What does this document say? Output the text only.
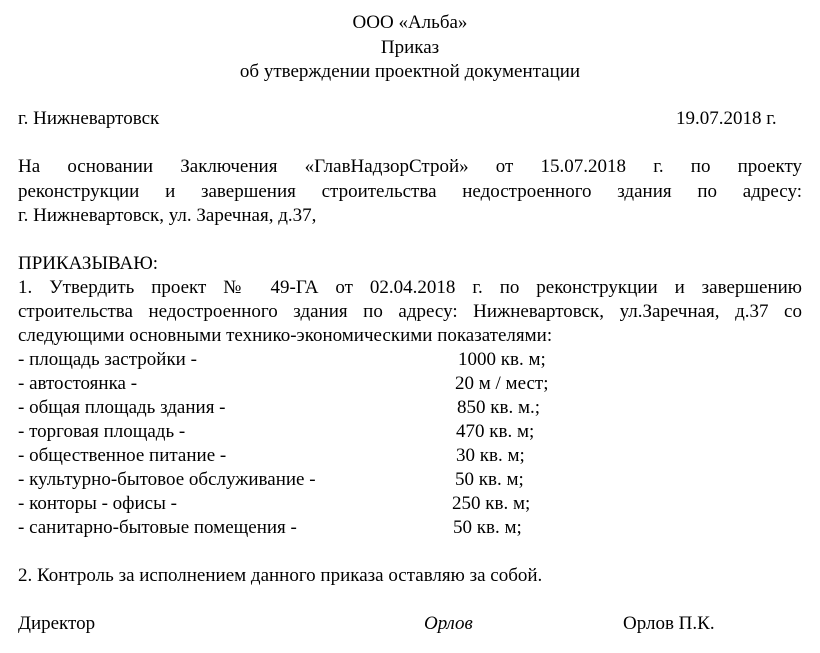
ООО «Альба»
Приказ
об утверждении проектной документации
г. Нижневартовск	19.07.2018 г.
На основании Заключения «ГлавНадзорСтрой» от 15.07.2018 г. по проекту
реконструкции и завершения строительства недостроенного здания по адресу:
г. Нижневартовск, ул. Заречная, д.37,
ПРИКАЗЫВАЮ:
1. Утвердить проект № 49-ГА от 02.04.2018 г. по реконструкции и завершению
строительства недостроенного здания по адресу: Нижневартовск, ул.Заречная, д.37 со
следующими основными технико-экономическими показателями:
- площадь застройки -	1000 кв. м;
- автостоянка -	20 м / мест;
- общая площадь здания -	850 кв. м.;
- торговая площадь -	470 кв. м;
- общественное питание -	30 кв. м;
- культурно-бытовое обслуживание -	50 кв. м;
- конторы - офисы -	250 кв. м;
- санитарно-бытовые помещения -	50 кв. м;
2. Контроль за исполнением данного приказа оставляю за собой.
Директор	Орлов	Орлов П.К.
